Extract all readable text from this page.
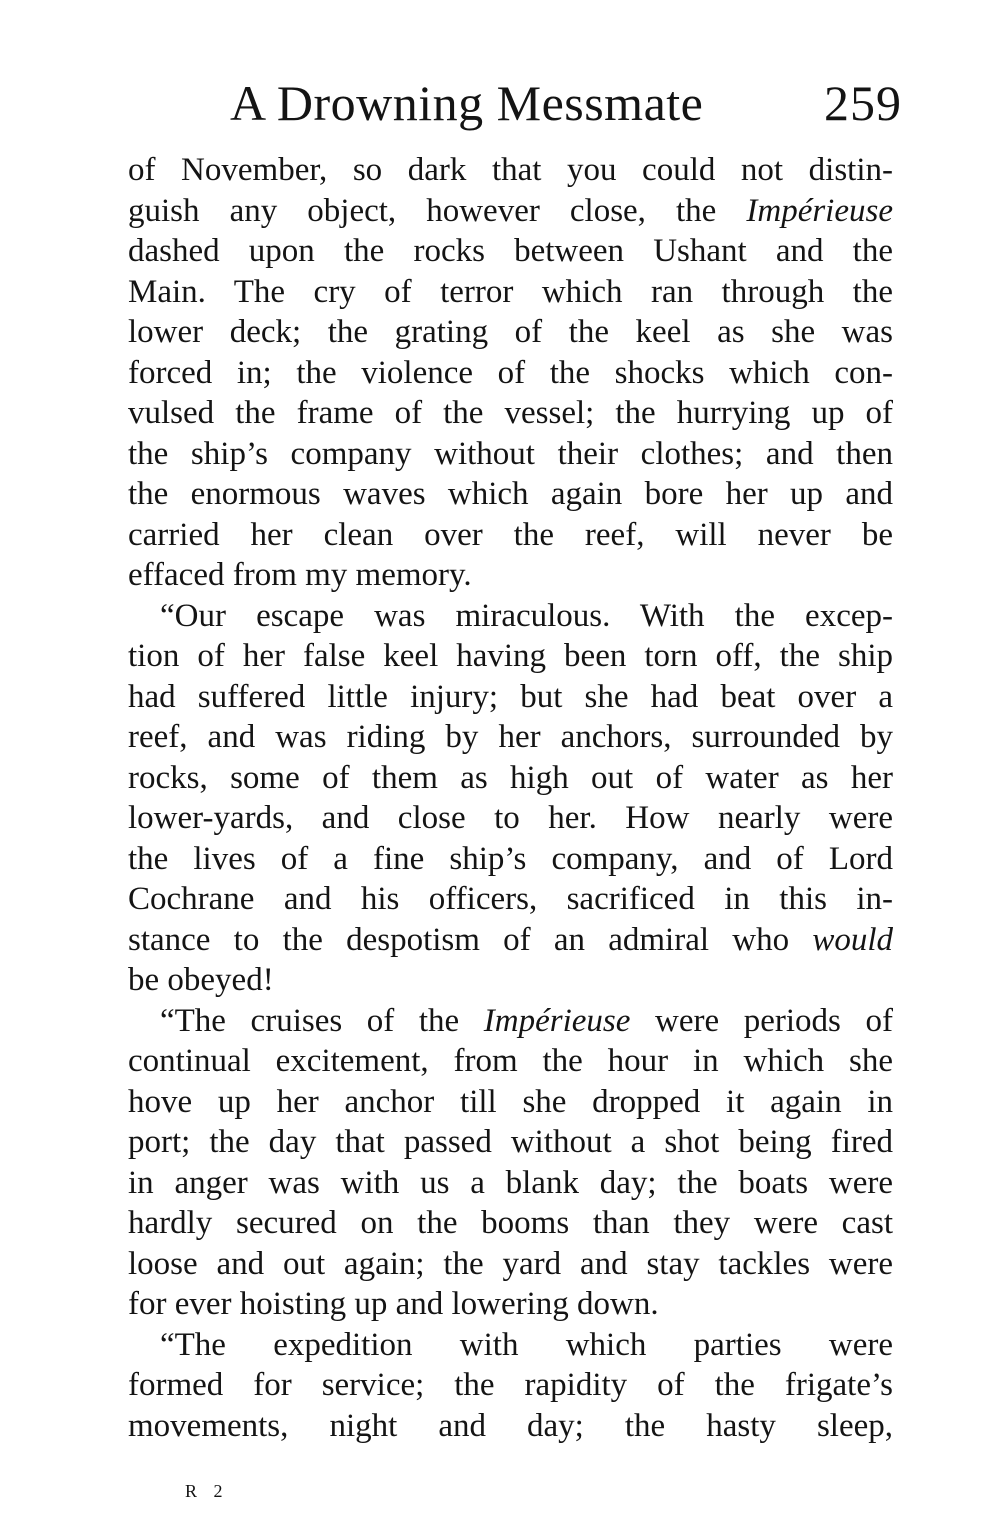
A Drowning Messmate 259
of November, so dark that you could not distin-
guish any object, however close, the Impérieuse
dashed upon the rocks between Ushant and the
Main. The cry of terror which ran through the
lower deck; the grating of the keel as she was
forced in; the violence of the shocks which con-
vulsed the frame of the vessel; the hurrying up of
the ship’s company without their clothes; and then
the enormous waves which again bore her up and
carried her clean over the reef, will never be
effaced from my memory.
“Our escape was miraculous. With the excep-
tion of her false keel having been torn off, the ship
had suffered little injury; but she had beat over a
reef, and was riding by her anchors, surrounded by
rocks, some of them as high out of water as her
lower-yards, and close to her. How nearly were
the lives of a fine ship’s company, and of Lord
Cochrane and his officers, sacrificed in this in-
stance to the despotism of an admiral who would
be obeyed!
“The cruises of the Impérieuse were periods of
continual excitement, from the hour in which she
hove up her anchor till she dropped it again in
port; the day that passed without a shot being fired
in anger was with us a blank day; the boats were
hardly secured on the booms than they were cast
loose and out again; the yard and stay tackles were
for ever hoisting up and lowering down.
“The expedition with which parties were
formed for service; the rapidity of the frigate’s
movements, night and day; the hasty sleep,
R 2
